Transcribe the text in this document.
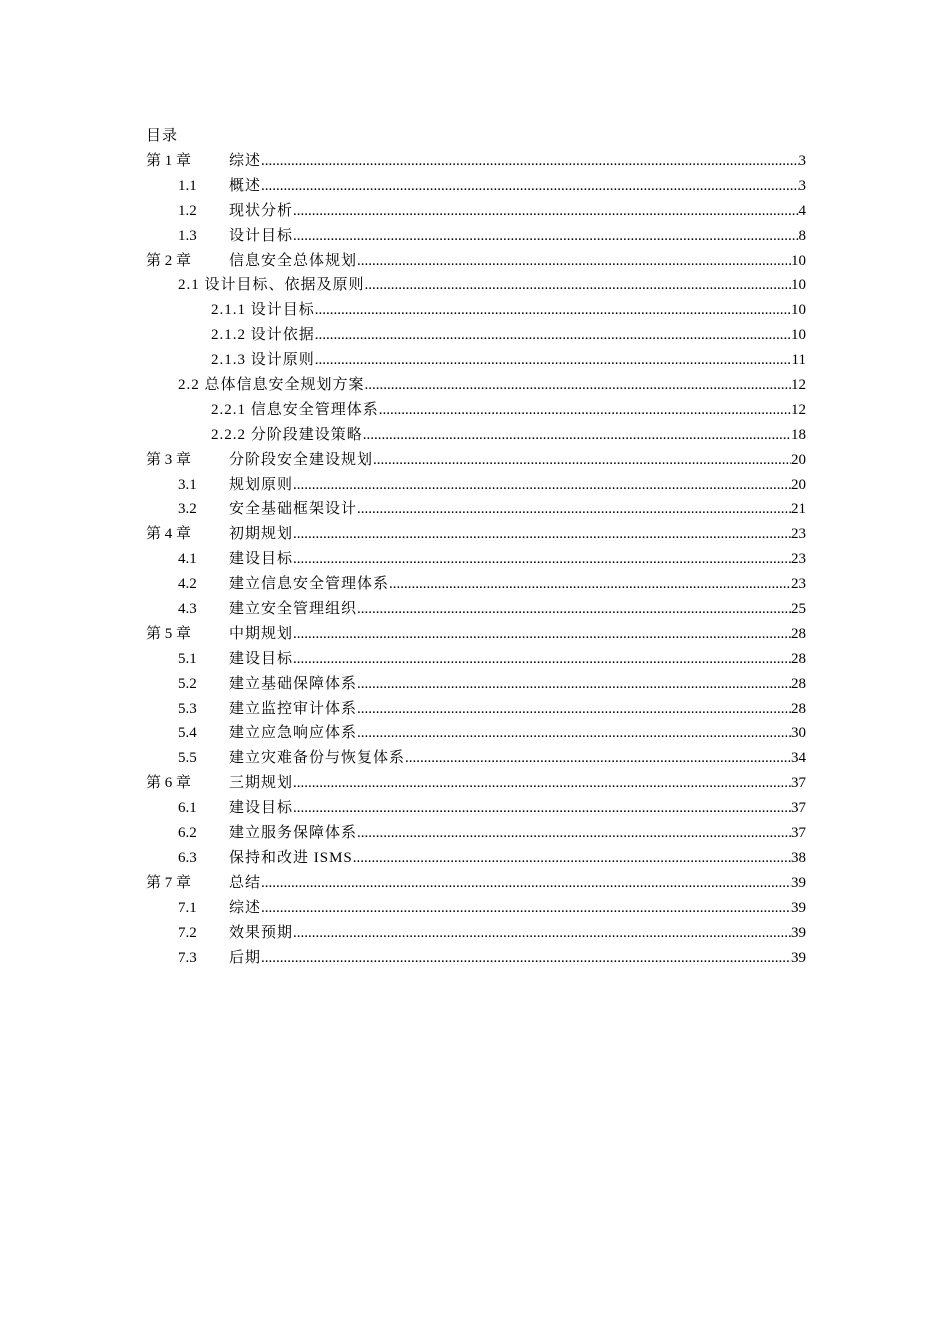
目录
第 1 章	综述 .....	3
1.1 概述 .....	3
1.2 现状分析 .....	4
1.3 设计目标 .....	8
第 2 章	信息安全总体规划 .....	10
2.1 设计目标、依据及原则 .....	10
2.1.1 设计目标 .....	10
2.1.2 设计依据 .....	10
2.1.3 设计原则 .....	11
2.2 总体信息安全规划方案 .....	12
2.2.1 信息安全管理体系 .....	12
2.2.2 分阶段建设策略 .....	18
第 3 章	分阶段安全建设规划 .....	20
3.1 规划原则 .....	20
3.2 安全基础框架设计 .....	21
第 4 章	初期规划 .....	23
4.1 建设目标 .....	23
4.2 建立信息安全管理体系 .....	23
4.3 建立安全管理组织 .....	25
第 5 章	中期规划 .....	28
5.1 建设目标 .....	28
5.2 建立基础保障体系 .....	28
5.3 建立监控审计体系 .....	28
5.4 建立应急响应体系 .....	30
5.5 建立灾难备份与恢复体系 .....	34
第 6 章	三期规划 .....	37
6.1 建设目标 .....	37
6.2 建立服务保障体系 .....	37
6.3 保持和改进 ISMS .....	38
第 7 章	总结 .....	39
7.1 综述 .....	39
7.2 效果预期 .....	39
7.3 后期 .....	39
